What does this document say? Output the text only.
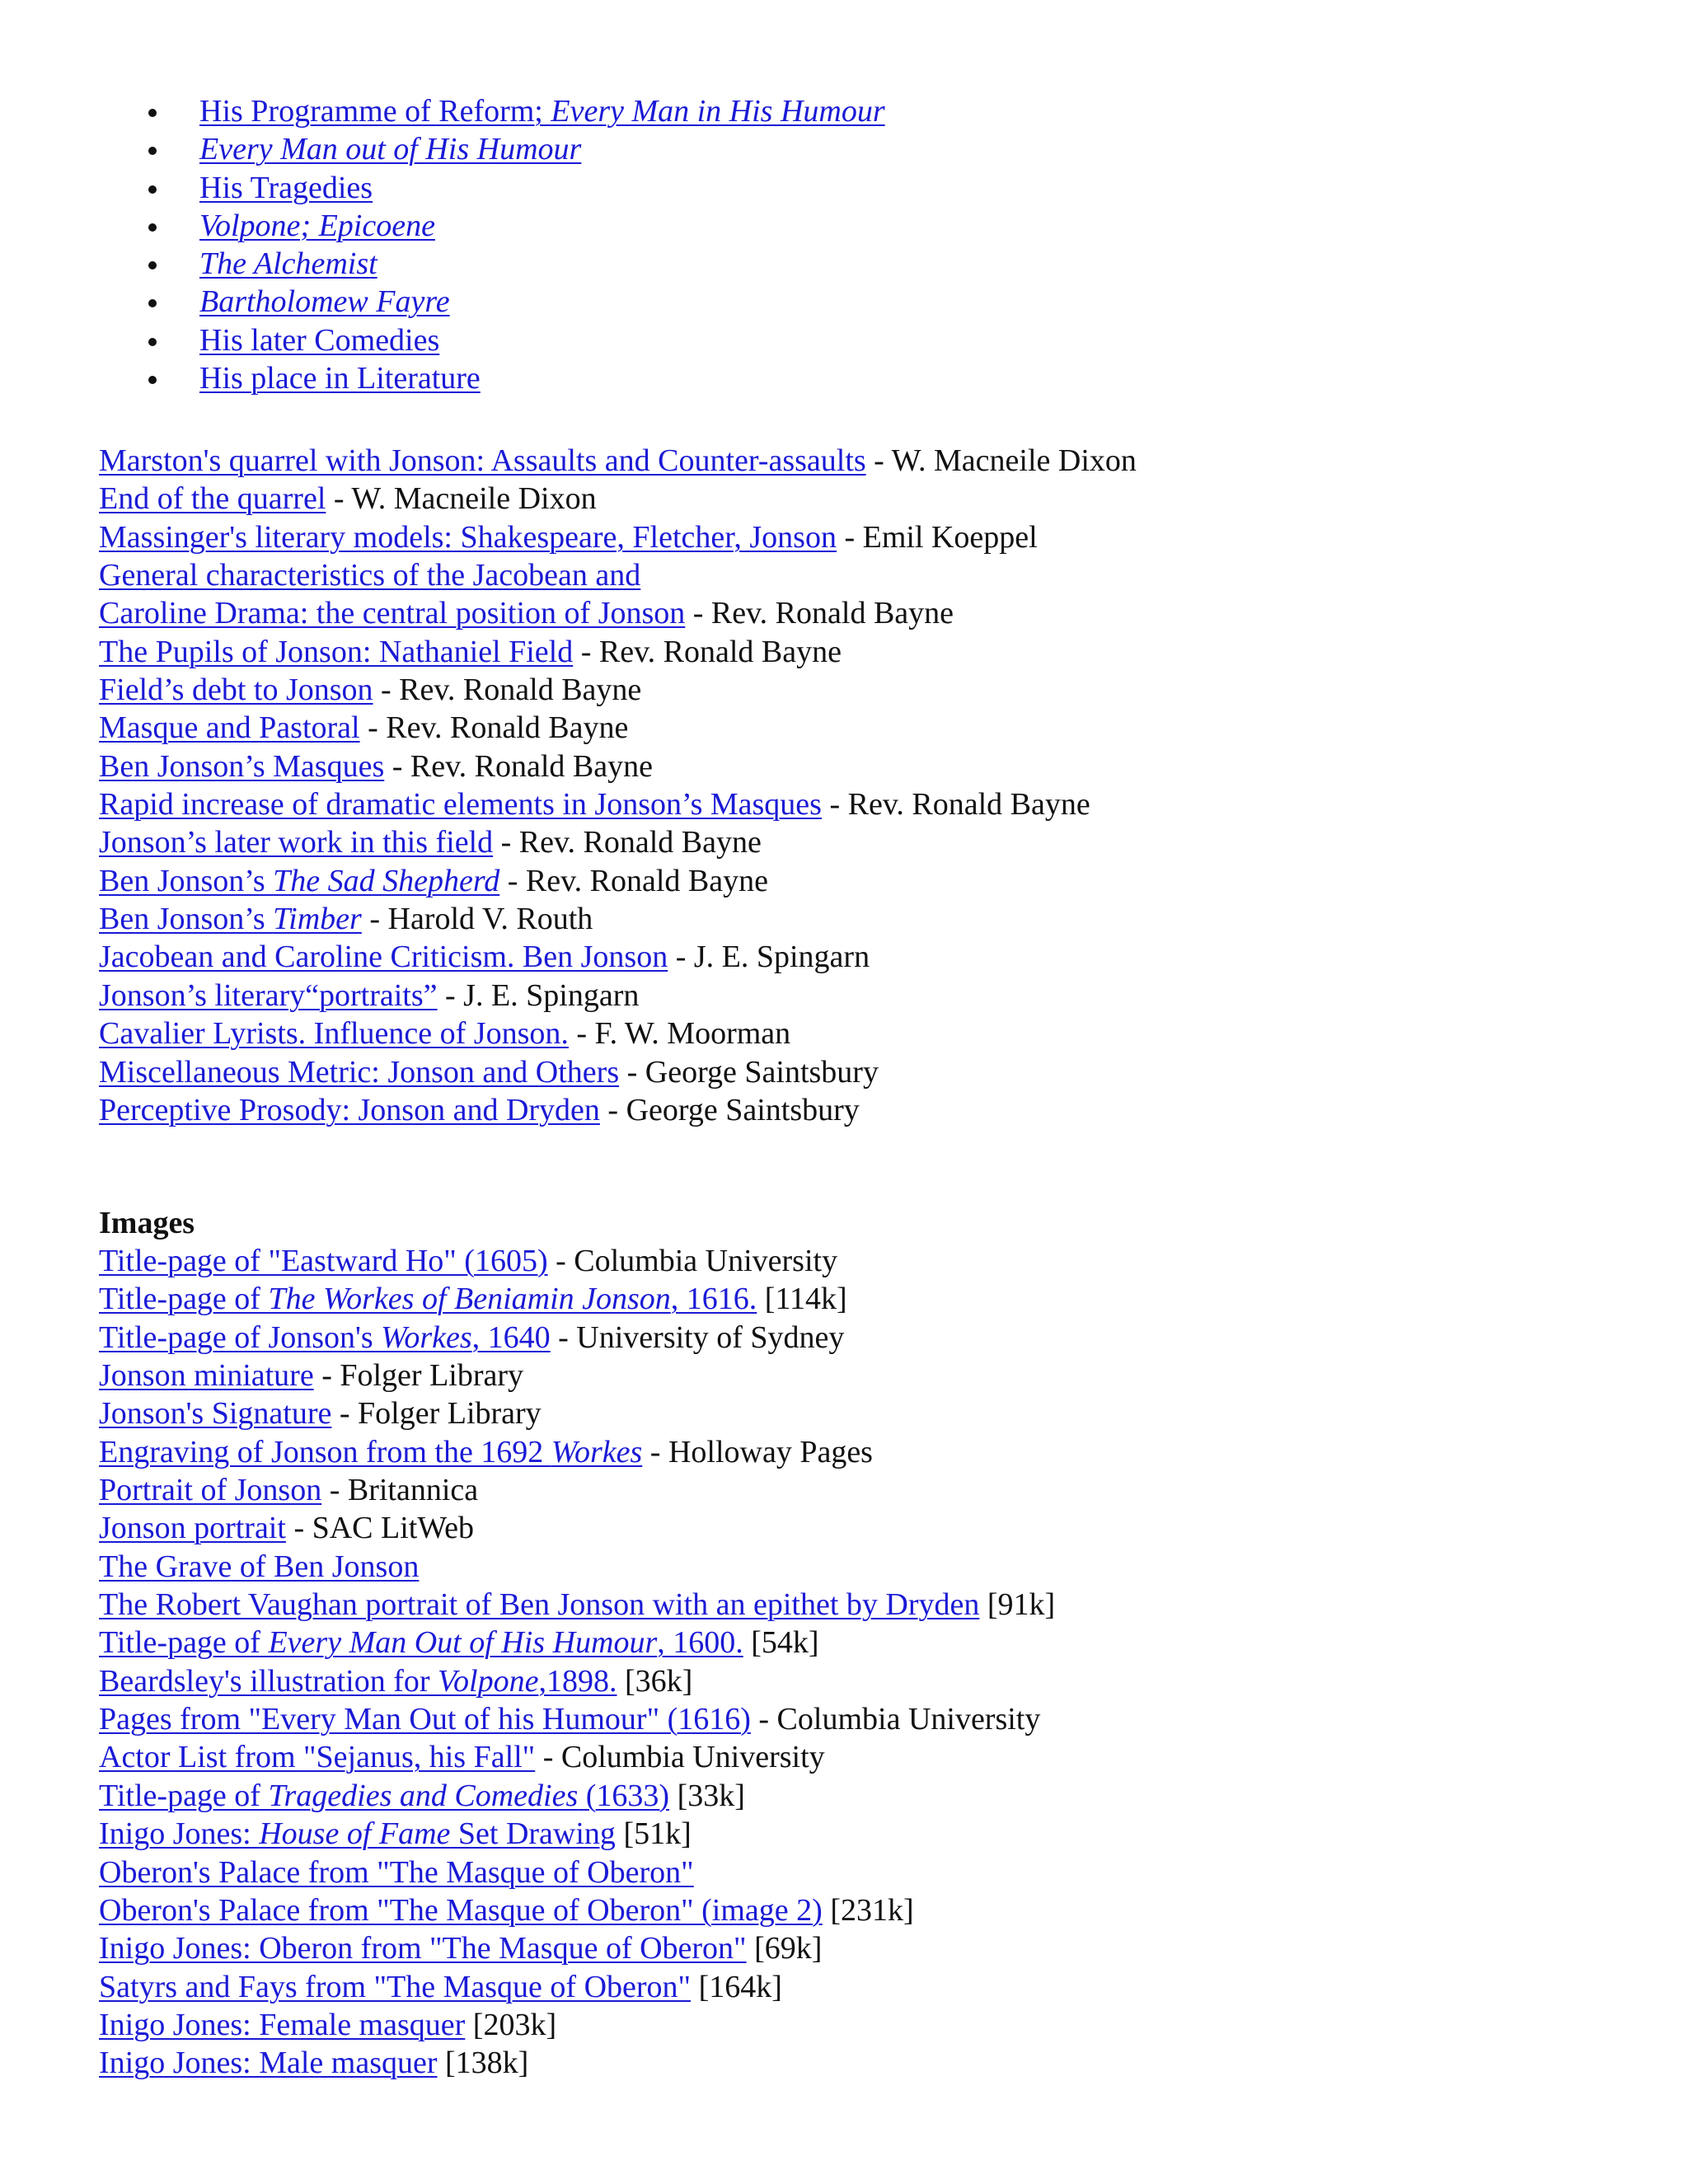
His Programme of Reform; Every Man in His Humour
Every Man out of His Humour
His Tragedies
Volpone; Epicoene
The Alchemist
Bartholomew Fayre
His later Comedies
His place in Literature
Marston's quarrel with Jonson: Assaults and Counter-assaults - W. Macneile Dixon
End of the quarrel - W. Macneile Dixon
Massinger's literary models: Shakespeare, Fletcher, Jonson - Emil Koeppel
General characteristics of the Jacobean and
Caroline Drama: the central position of Jonson - Rev. Ronald Bayne
The Pupils of Jonson: Nathaniel Field - Rev. Ronald Bayne
Field’s debt to Jonson - Rev. Ronald Bayne
Masque and Pastoral - Rev. Ronald Bayne
Ben Jonson’s Masques - Rev. Ronald Bayne
Rapid increase of dramatic elements in Jonson’s Masques - Rev. Ronald Bayne
Jonson’s later work in this field - Rev. Ronald Bayne
Ben Jonson’s The Sad Shepherd - Rev. Ronald Bayne
Ben Jonson’s Timber - Harold V. Routh
Jacobean and Caroline Criticism. Ben Jonson - J. E. Spingarn
Jonson’s literary“portraits” - J. E. Spingarn
Cavalier Lyrists. Influence of Jonson. - F. W. Moorman
Miscellaneous Metric: Jonson and Others - George Saintsbury
Perceptive Prosody: Jonson and Dryden - George Saintsbury
Images
Title-page of "Eastward Ho" (1605) - Columbia University
Title-page of The Workes of Beniamin Jonson, 1616. [114k]
Title-page of Jonson's Workes, 1640 - University of Sydney
Jonson miniature - Folger Library
Jonson's Signature - Folger Library
Engraving of Jonson from the 1692 Workes - Holloway Pages
Portrait of Jonson - Britannica
Jonson portrait - SAC LitWeb
The Grave of Ben Jonson
The Robert Vaughan portrait of Ben Jonson with an epithet by Dryden [91k]
Title-page of Every Man Out of His Humour, 1600. [54k]
Beardsley's illustration for Volpone,1898. [36k]
Pages from "Every Man Out of his Humour" (1616) - Columbia University
Actor List from "Sejanus, his Fall" - Columbia University
Title-page of Tragedies and Comedies (1633) [33k]
Inigo Jones: House of Fame Set Drawing [51k]
Oberon's Palace from "The Masque of Oberon"
Oberon's Palace from "The Masque of Oberon" (image 2) [231k]
Inigo Jones: Oberon from "The Masque of Oberon" [69k]
Satyrs and Fays from "The Masque of Oberon" [164k]
Inigo Jones: Female masquer [203k]
Inigo Jones: Male masquer [138k]
